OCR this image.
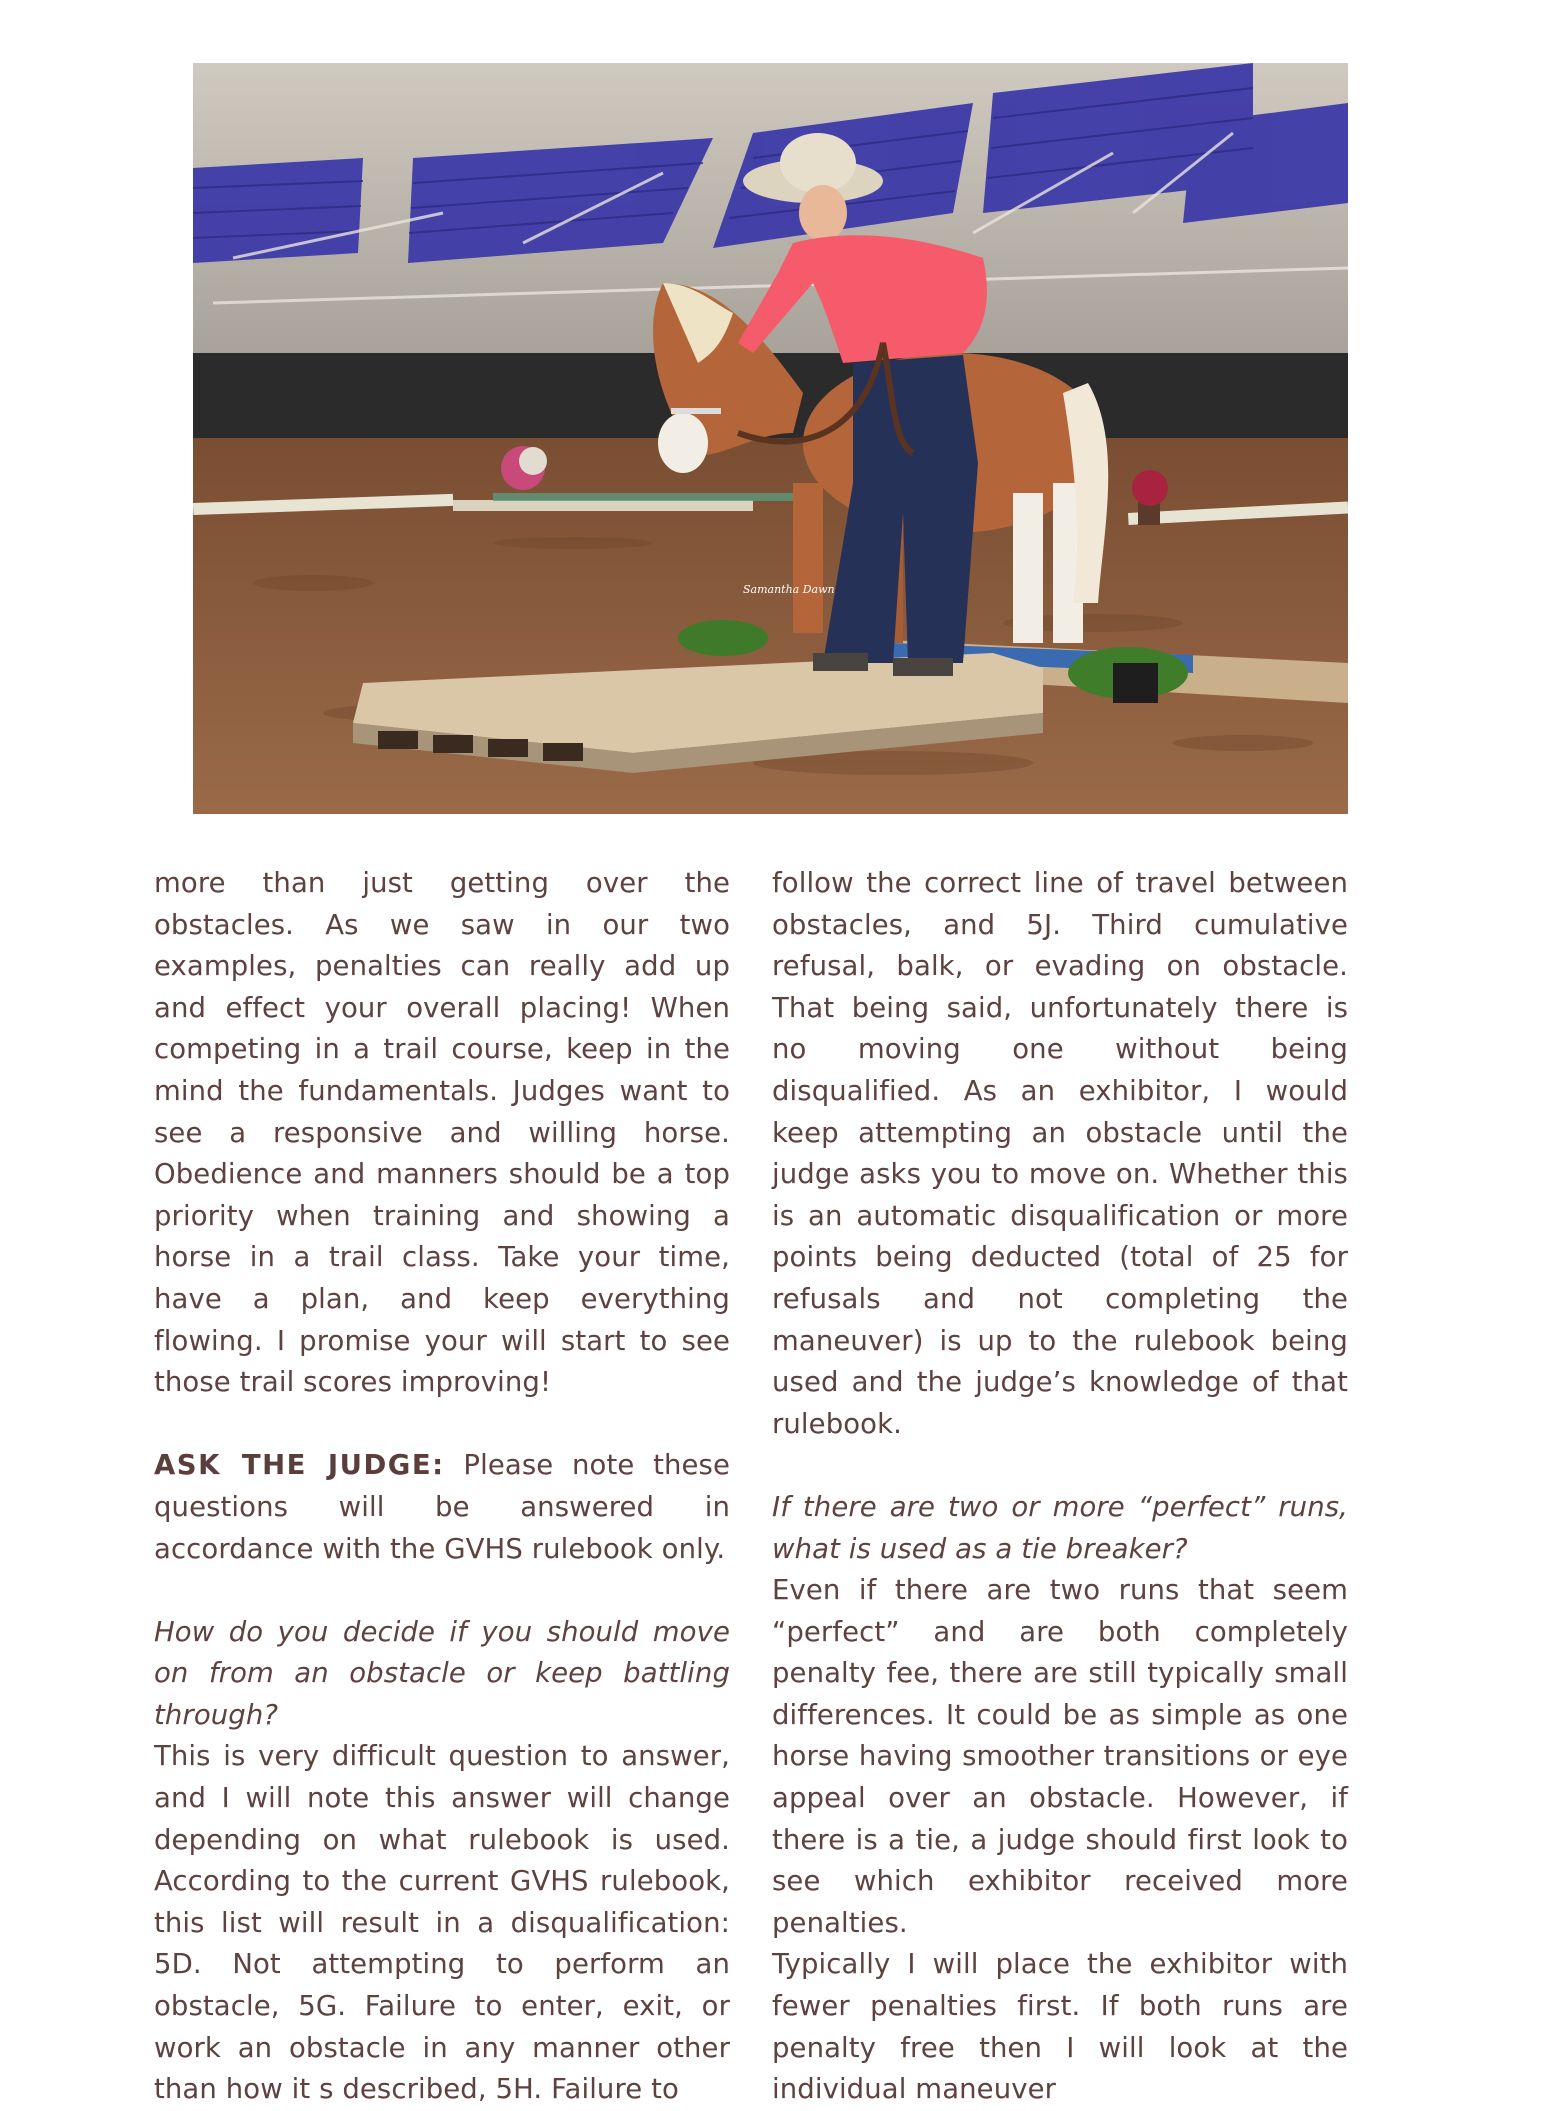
Samantha Dawn

more than just getting over the obstacles. As we saw in our two examples, penalties can really add up and effect your overall placing! When competing in a trail course, keep in the mind the fundamentals. Judges want to see a responsive and willing horse. Obedience and manners should be a top priority when training and showing a horse in a trail class. Take your time, have a plan, and keep everything flowing. I promise your will start to see those trail scores improving!

ASK THE JUDGE: Please note these questions will be answered in accordance with the GVHS rulebook only.

How do you decide if you should move on from an obstacle or keep battling through?

This is very difficult question to answer, and I will note this answer will change depending on what rulebook is used. According to the current GVHS rulebook, this list will result in a disqualification: 5D. Not attempting to perform an obstacle, 5G. Failure to enter, exit, or work an obstacle in any manner other than how it s described, 5H. Failure to

follow the correct line of travel between obstacles, and 5J. Third cumulative refusal, balk, or evading on obstacle. That being said, unfortunately there is no moving one without being disqualified. As an exhibitor, I would keep attempting an obstacle until the judge asks you to move on. Whether this is an automatic disqualification or more points being deducted (total of 25 for refusals and not completing the maneuver) is up to the rulebook being used and the judge’s knowledge of that rulebook.

If there are two or more “perfect” runs, what is used as a tie breaker?

Even if there are two runs that seem “perfect” and are both completely penalty fee, there are still typically small differences. It could be as simple as one horse having smoother transitions or eye appeal over an obstacle. However, if there is a tie, a judge should first look to see which exhibitor received more penalties.

Typically I will place the exhibitor with fewer penalties first. If both runs are penalty free then I will look at the individual maneuver
